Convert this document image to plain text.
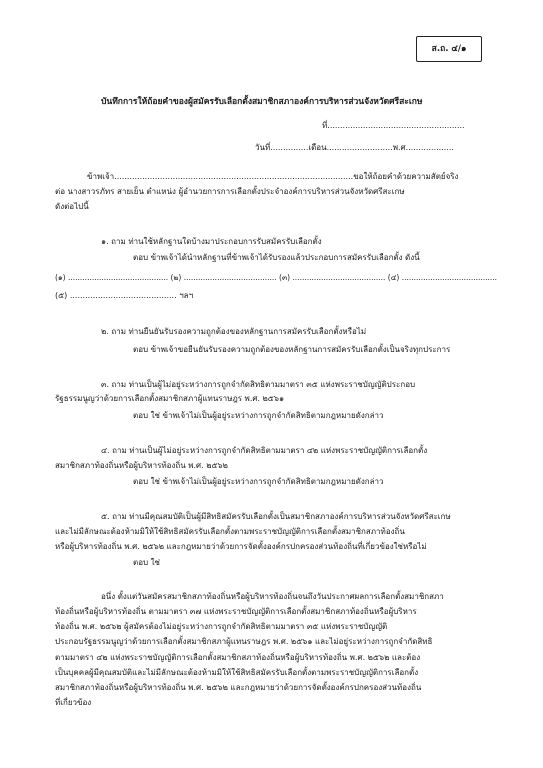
ส.ถ. ๔/๑
บันทึกการให้ถ้อยคำของผู้สมัครรับเลือกตั้งสมาชิกสภาองค์การบริหารส่วนจังหวัดศรีสะเกษ
ที่......................................................
วันที่...............เดือน..........................พ.ศ...................
ข้าพเจ้า..............................................................................................ขอให้ถ้อยคำด้วยความสัตย์จริง
ต่อ นางสาวรภัทร สายเย็น ตำแหน่ง ผู้อำนวยการการเลือกตั้งประจำองค์การบริหารส่วนจังหวัดศรีสะเกษ
ดังต่อไปนี้
๑. ถาม ท่านใช้หลักฐานใดบ้างมาประกอบการรับสมัครรับเลือกตั้ง
ตอบ ข้าพเจ้าได้นำหลักฐานที่ข้าพเจ้าได้รับรองแล้วประกอบการสมัครรับเลือกตั้ง ดังนี้
(๑) .......................................... (๒) ....................................... (๓) ....................................... (๔) ........................................
(๕) .......................................... ฯลฯ
๒. ถาม ท่านยืนยันรับรองความถูกต้องของหลักฐานการสมัครรับเลือกตั้งหรือไม่
ตอบ ข้าพเจ้าขอยืนยันรับรองความถูกต้องของหลักฐานการสมัครรับเลือกตั้งเป็นจริงทุกประการ
๓. ถาม ท่านเป็นผู้ไม่อยู่ระหว่างการถูกจำกัดสิทธิตามมาตรา ๓๕ แห่งพระราชบัญญัติประกอบ
รัฐธรรมนูญว่าด้วยการเลือกตั้งสมาชิกสภาผู้แทนราษฎร พ.ศ. ๒๕๖๑
ตอบ ใช่ ข้าพเจ้าไม่เป็นผู้อยู่ระหว่างการถูกจำกัดสิทธิตามกฎหมายดังกล่าว
๔. ถาม ท่านเป็นผู้ไม่อยู่ระหว่างการถูกจำกัดสิทธิตามมาตรา ๔๒ แห่งพระราชบัญญัติการเลือกตั้ง
สมาชิกสภาท้องถิ่นหรือผู้บริหารท้องถิ่น พ.ศ. ๒๕๖๒
ตอบ ใช่ ข้าพเจ้าไม่เป็นผู้อยู่ระหว่างการถูกจำกัดสิทธิตามกฎหมายดังกล่าว
๕. ถาม ท่านมีคุณสมบัติเป็นผู้มีสิทธิสมัครรับเลือกตั้งเป็นสมาชิกสภาองค์การบริหารส่วนจังหวัดศรีสะเกษ
และไม่มีลักษณะต้องห้ามมิให้ใช้สิทธิสมัครรับเลือกตั้งตามพระราชบัญญัติการเลือกตั้งสมาชิกสภาท้องถิ่น
หรือผู้บริหารท้องถิ่น พ.ศ. ๒๕๖๒ และกฎหมายว่าด้วยการจัดตั้งองค์กรปกครองส่วนท้องถิ่นที่เกี่ยวข้องใช่หรือไม่
ตอบ ใช่
อนึ่ง ตั้งแต่วันสมัครสมาชิกสภาท้องถิ่นหรือผู้บริหารท้องถิ่นจนถึงวันประกาศผลการเลือกตั้งสมาชิกสภา
ท้องถิ่นหรือผู้บริหารท้องถิ่น ตามมาตรา ๓๗ แห่งพระราชบัญญัติการเลือกตั้งสมาชิกสภาท้องถิ่นหรือผู้บริหาร
ท้องถิ่น พ.ศ. ๒๕๖๒ ผู้สมัครต้องไม่อยู่ระหว่างการถูกจำกัดสิทธิตามมาตรา ๓๕ แห่งพระราชบัญญัติ
ประกอบรัฐธรรมนูญว่าด้วยการเลือกตั้งสมาชิกสภาผู้แทนราษฎร พ.ศ. ๒๕๖๑ และไม่อยู่ระหว่างการถูกจำกัดสิทธิ
ตามมาตรา ๔๒ แห่งพระราชบัญญัติการเลือกตั้งสมาชิกสภาท้องถิ่นหรือผู้บริหารท้องถิ่น พ.ศ. ๒๕๖๒ และต้อง
เป็นบุคคลผู้มีคุณสมบัติและไม่มีลักษณะต้องห้ามมิให้ใช้สิทธิสมัครรับเลือกตั้งตามพระราชบัญญัติการเลือกตั้ง
สมาชิกสภาท้องถิ่นหรือผู้บริหารท้องถิ่น พ.ศ. ๒๕๖๒ และกฎหมายว่าด้วยการจัดตั้งองค์กรปกครองส่วนท้องถิ่น
ที่เกี่ยวข้อง
